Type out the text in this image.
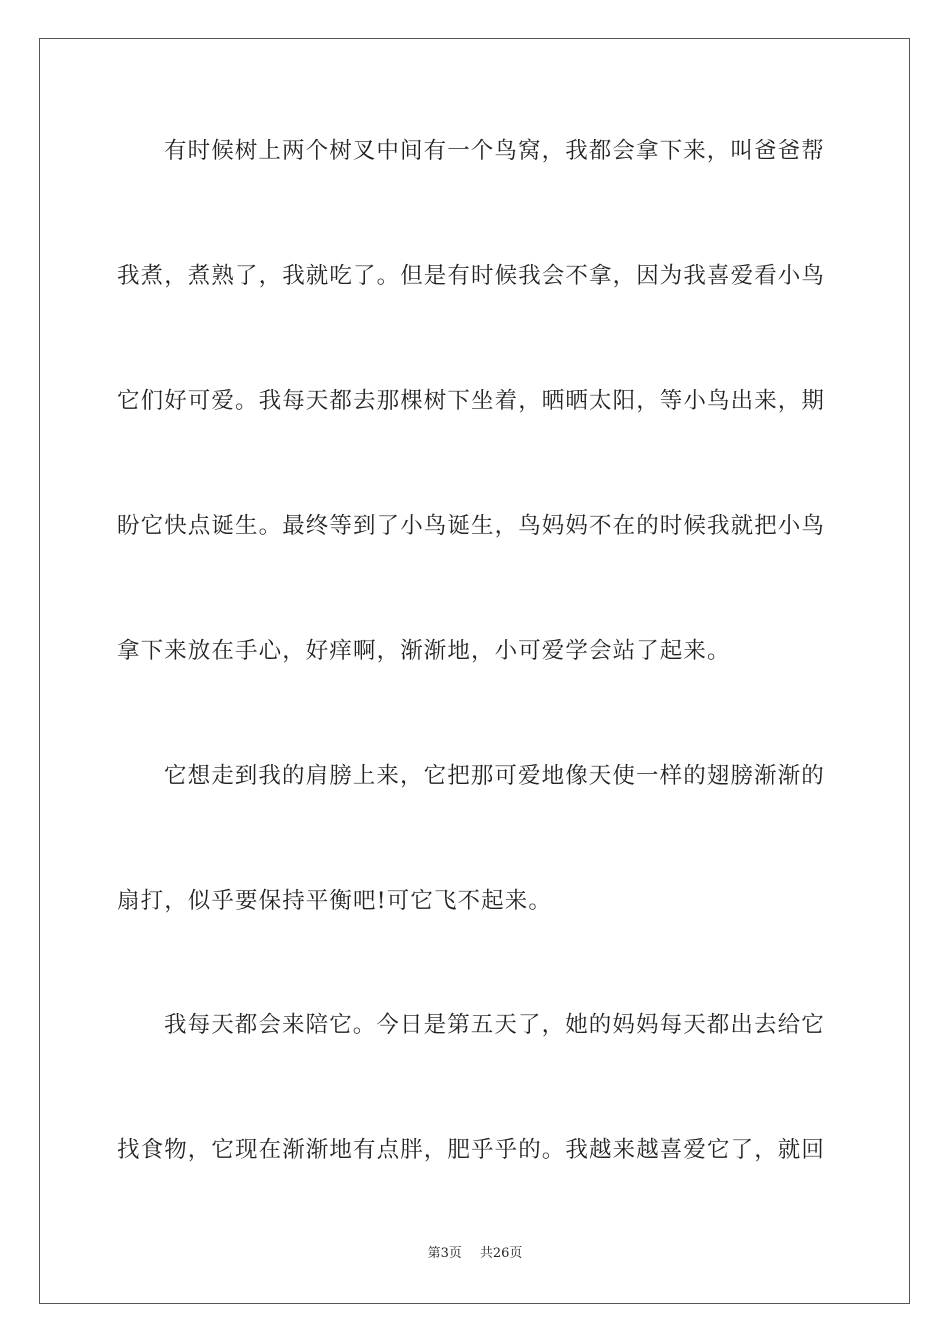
有时候树上两个树叉中间有一个鸟窝，我都会拿下来，叫爸爸帮
我煮，煮熟了，我就吃了。但是有时候我会不拿，因为我喜爱看小鸟
它们好可爱。我每天都去那棵树下坐着，晒晒太阳，等小鸟出来，期
盼它快点诞生。最终等到了小鸟诞生，鸟妈妈不在的时候我就把小鸟
拿下来放在手心，好痒啊，渐渐地，小可爱学会站了起来。
它想走到我的肩膀上来，它把那可爱地像天使一样的翅膀渐渐的
扇打，似乎要保持平衡吧!可它飞不起来。
我每天都会来陪它。今日是第五天了，她的妈妈每天都出去给它
找食物，它现在渐渐地有点胖，肥乎乎的。我越来越喜爱它了，就回
第3页 共26页
